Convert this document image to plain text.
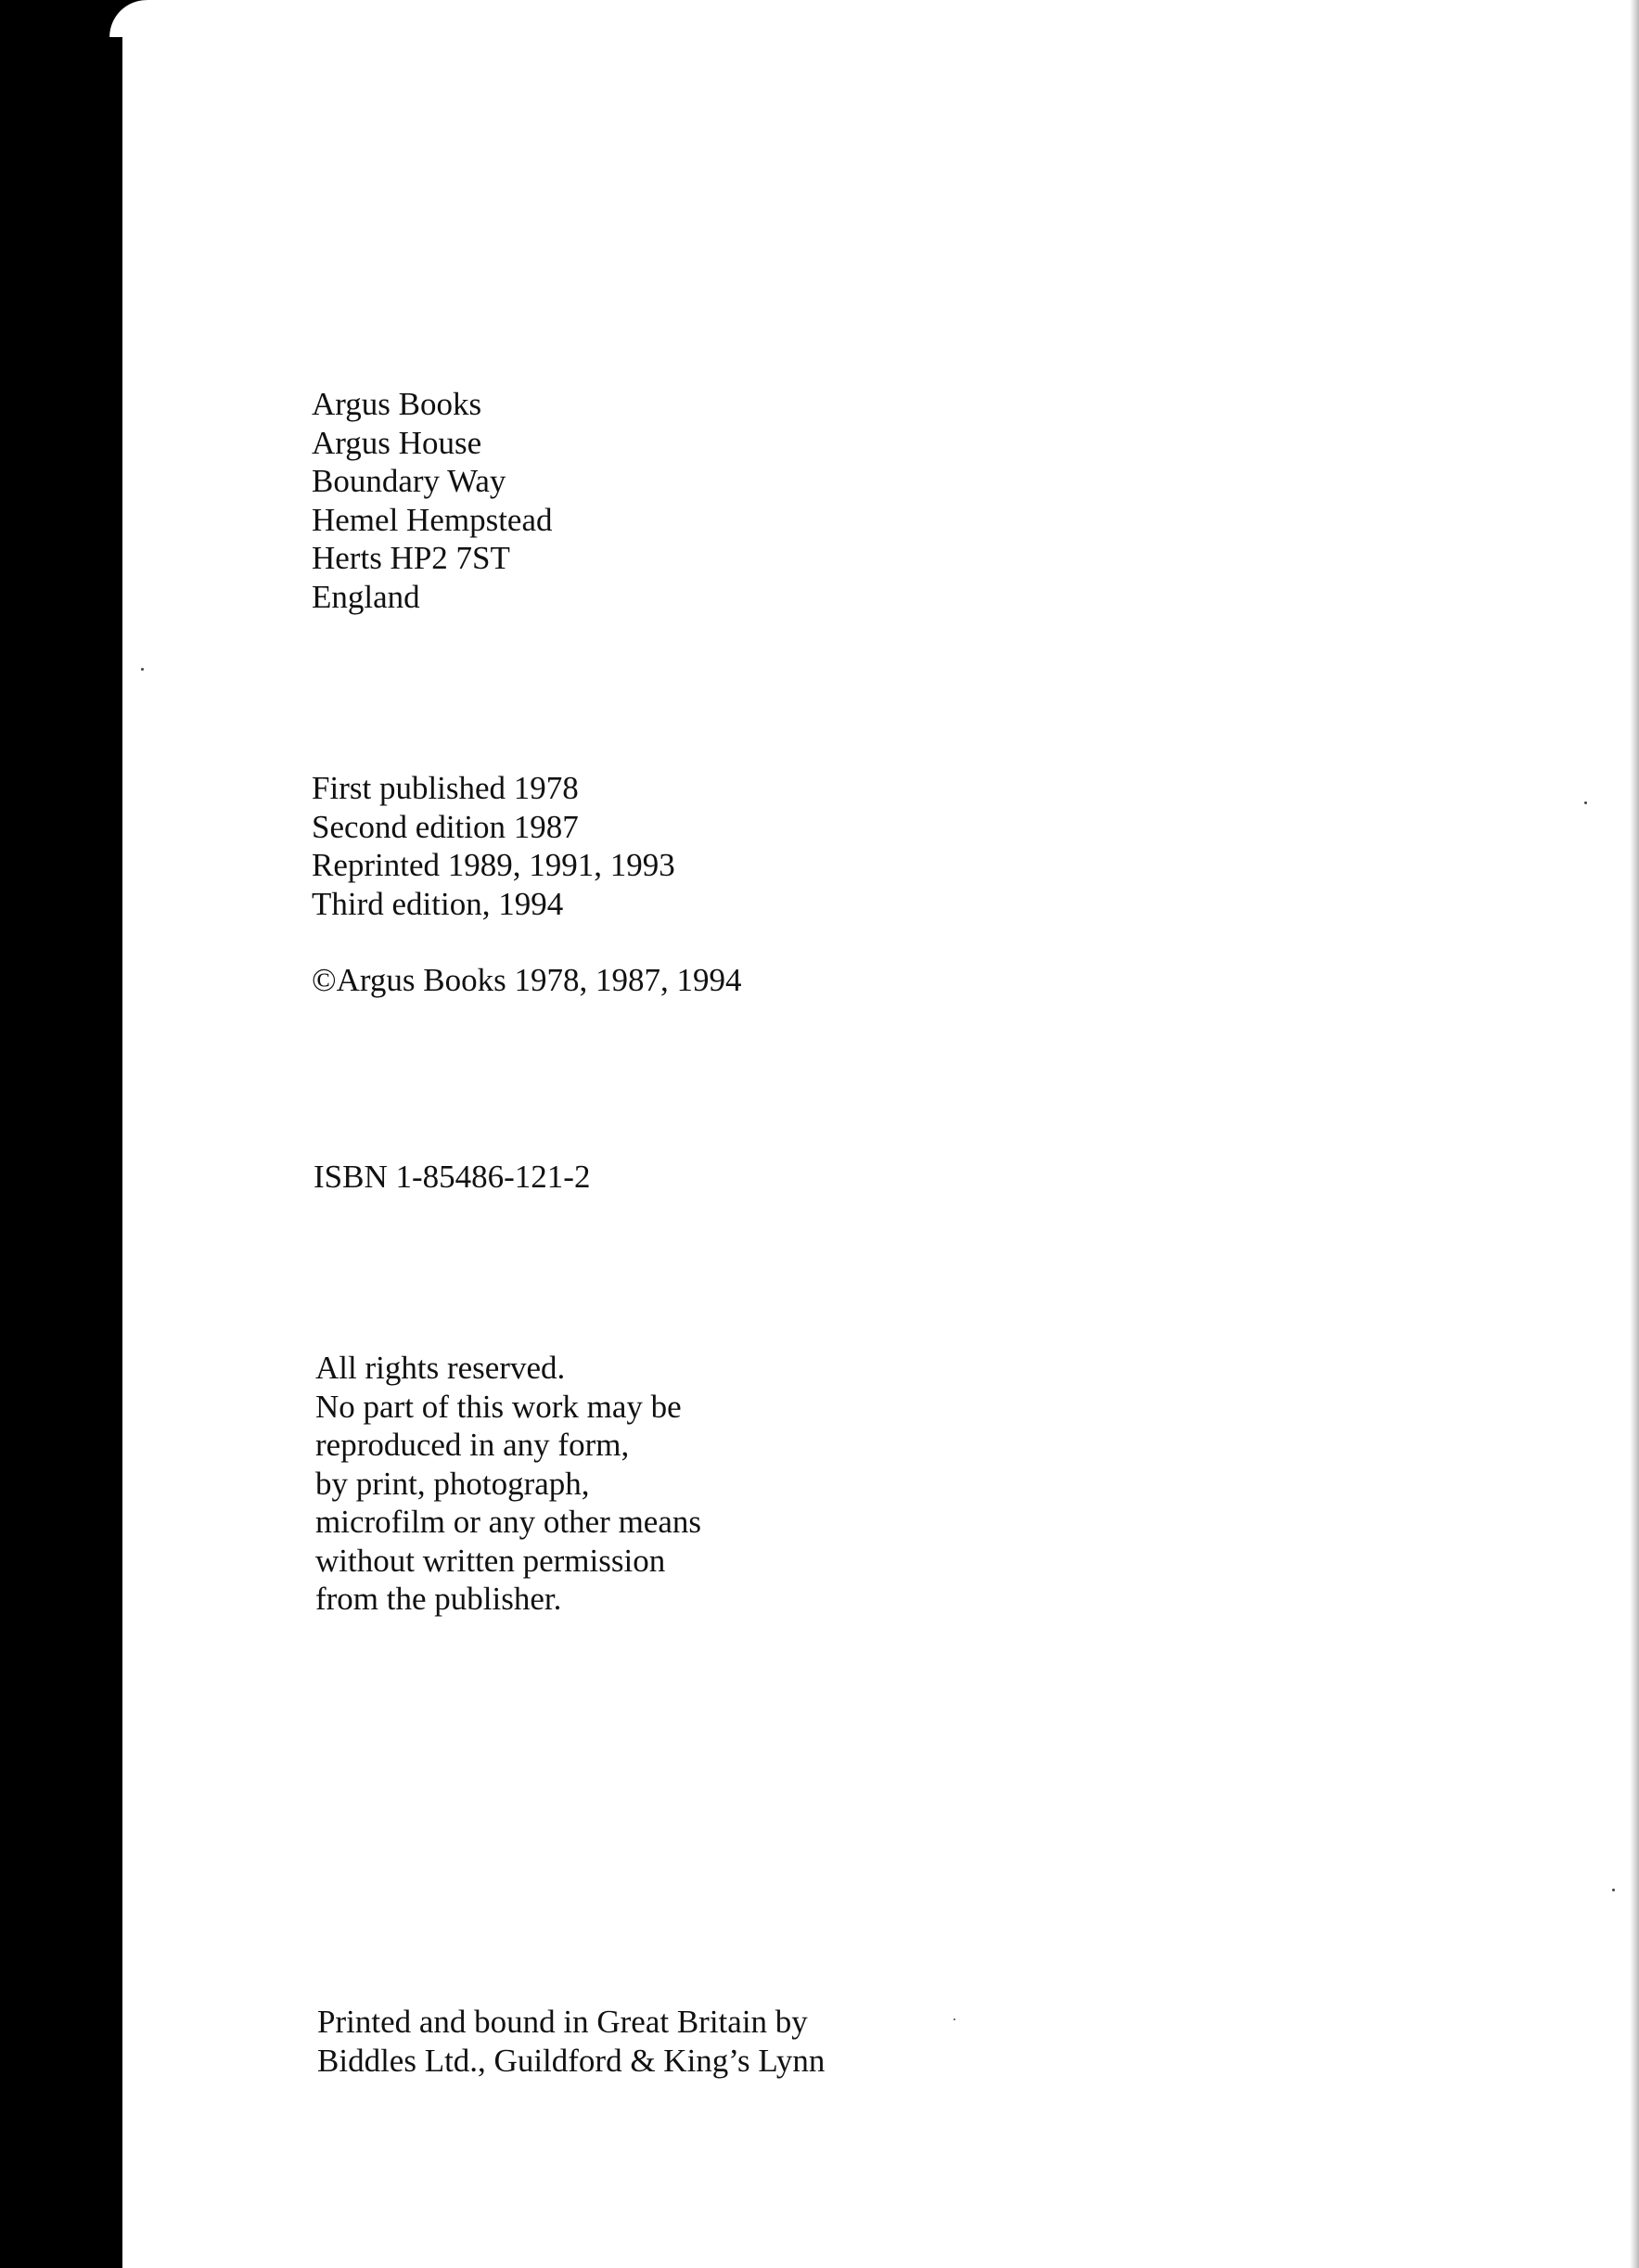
Argus Books
Argus House
Boundary Way
Hemel Hempstead
Herts HP2 7ST
England
First published 1978
Second edition 1987
Reprinted 1989, 1991, 1993
Third edition, 1994
©Argus Books 1978, 1987, 1994
ISBN 1-85486-121-2
All rights reserved.
No part of this work may be
reproduced in any form,
by print, photograph,
microfilm or any other means
without written permission
from the publisher.
Printed and bound in Great Britain by
Biddles Ltd., Guildford & King’s Lynn
